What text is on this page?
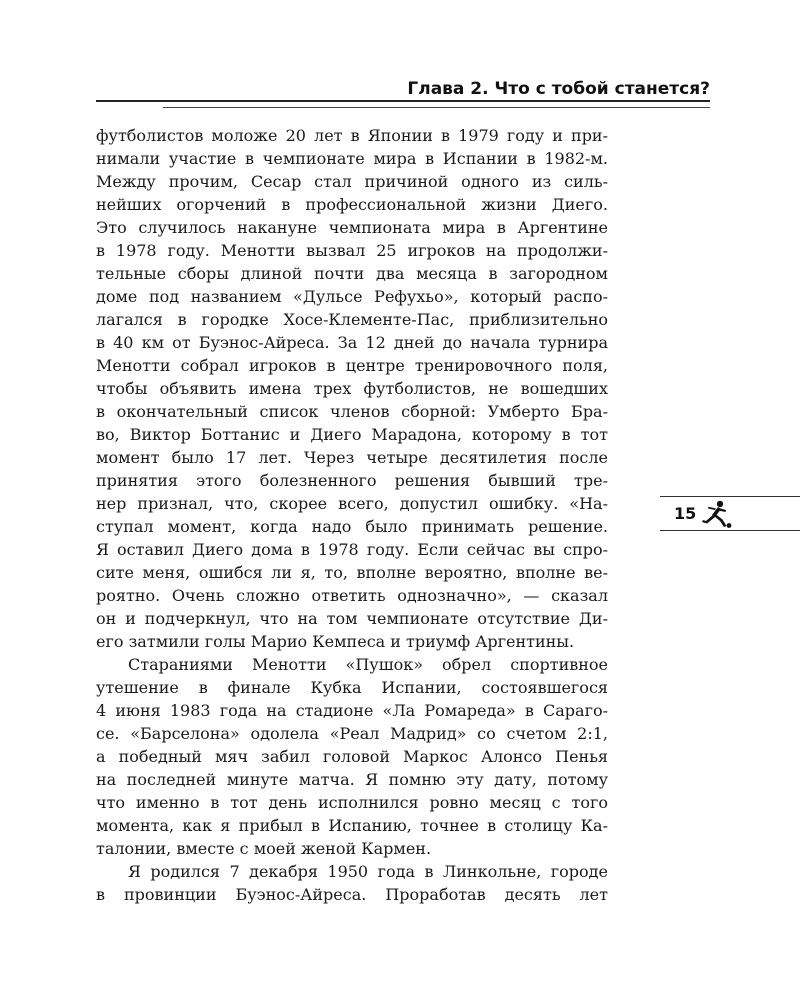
Глава 2. Что с тобой станется?

футболистов моложе 20 лет в Японии в 1979 году и при-
нимали участие в чемпионате мира в Испании в 1982-м.
Между прочим, Сесар стал причиной одного из силь-
нейших огорчений в профессиональной жизни Диего.
Это случилось накануне чемпионата мира в Аргентине
в 1978 году. Менотти вызвал 25 игроков на продолжи-
тельные сборы длиной почти два месяца в загородном
доме под названием «Дульсе Рефухьо», который распо-
лагался в городке Хосе-Клементе-Пас, приблизительно
в 40 км от Буэнос-Айреса. За 12 дней до начала турнира
Менотти собрал игроков в центре тренировочного поля,
чтобы объявить имена трех футболистов, не вошедших
в окончательный список членов сборной: Умберто Бра-
во, Виктор Боттанис и Диего Марадона, которому в тот
момент было 17 лет. Через четыре десятилетия после
принятия этого болезненного решения бывший тре-
нер признал, что, скорее всего, допустил ошибку. «На-
ступал момент, когда надо было принимать решение.
Я оставил Диего дома в 1978 году. Если сейчас вы спро-
сите меня, ошибся ли я, то, вполне вероятно, вполне ве-
роятно. Очень сложно ответить однозначно», — сказал
он и подчеркнул, что на том чемпионате отсутствие Ди-
его затмили голы Марио Кемпеса и триумф Аргентины.

Стараниями Менотти «Пушок» обрел спортивное
утешение в финале Кубка Испании, состоявшегося
4 июня 1983 года на стадионе «Ла Ромареда» в Сараго-
се. «Барселона» одолела «Реал Мадрид» со счетом 2:1,
а победный мяч забил головой Маркос Алонсо Пенья
на последней минуте матча. Я помню эту дату, потому
что именно в тот день исполнился ровно месяц с того
момента, как я прибыл в Испанию, точнее в столицу Ка-
талонии, вместе с моей женой Кармен.

Я родился 7 декабря 1950 года в Линкольне, городе
в провинции Буэнос-Айреса. Проработав десять лет

15
